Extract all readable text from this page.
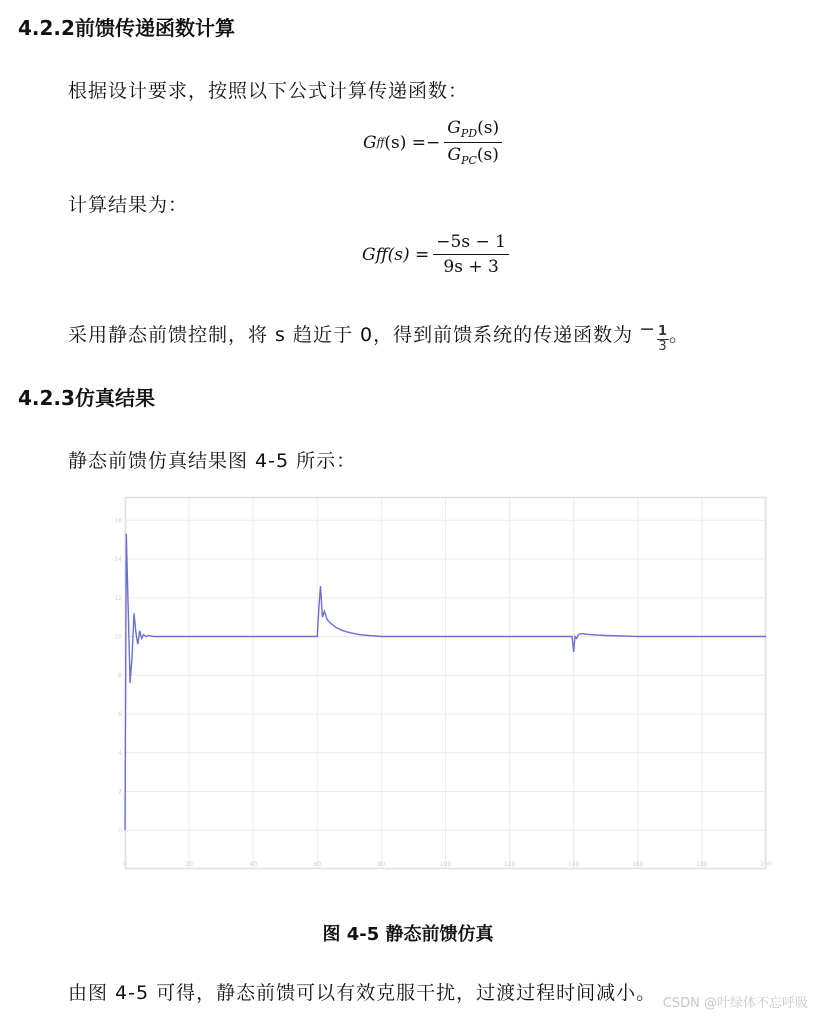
4.2.2前馈传递函数计算
根据设计要求，按照以下公式计算传递函数：
G ff $(s) =- \frac{G_{PD}(s)}{G_{PC}(s)}$
计算结果为：
$Gff(s) = \frac{-5s - 1}{9s + 3}$
采用静态前馈控制，将 s 趋近于 0，得到前馈系统的传递函数为 − $\frac{1}{3}$ 。
4.2.3仿真结果
静态前馈仿真结果图 4-5 所示：
0	20	40	60	80	100	120	140	160	180	200
0
2
4
6
8
10
12
14
16
图 4-5 静态前馈仿真
由图 4-5 可得，静态前馈可以有效克服干扰，过渡过程时间减小。 CSDN @叶绿体不忘呼吸
